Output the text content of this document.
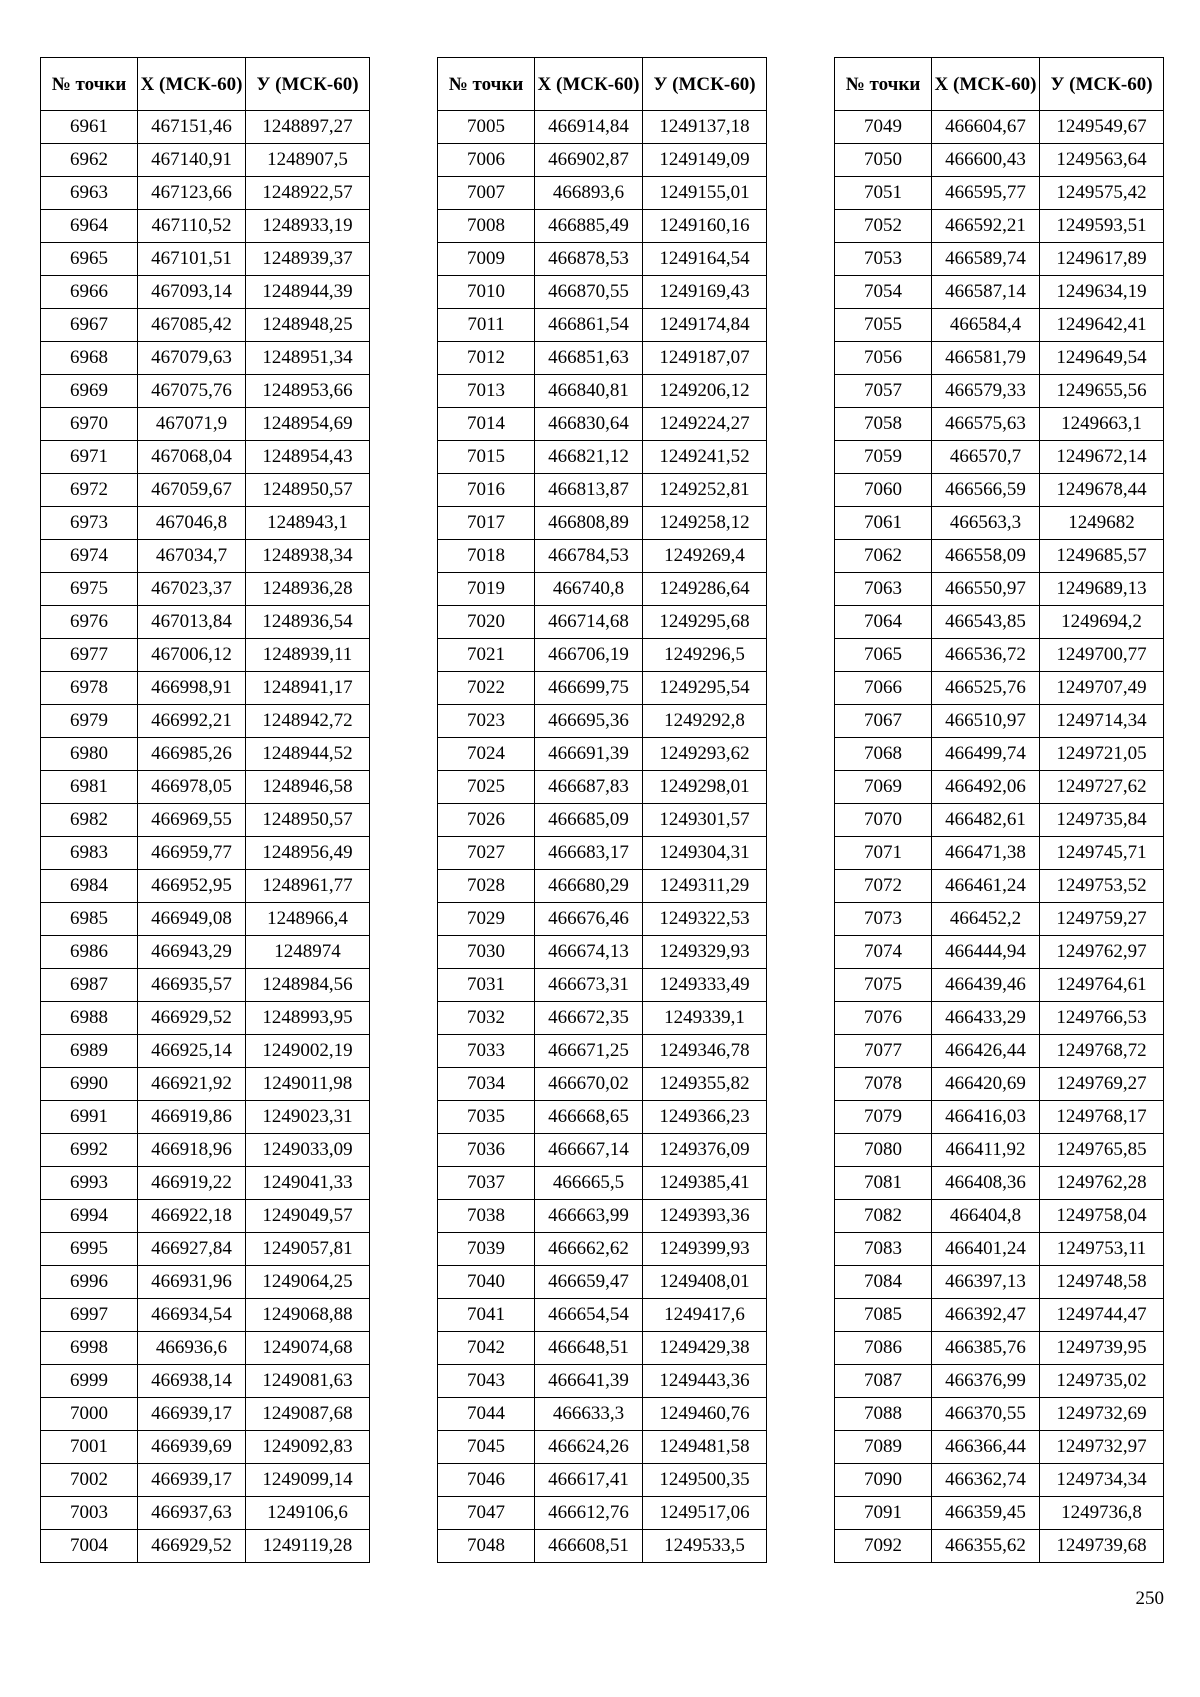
№ точки	X (МСК-60)	У (МСК-60)
6961	467151,46	1248897,27
6962	467140,91	1248907,5
6963	467123,66	1248922,57
6964	467110,52	1248933,19
6965	467101,51	1248939,37
6966	467093,14	1248944,39
6967	467085,42	1248948,25
6968	467079,63	1248951,34
6969	467075,76	1248953,66
6970	467071,9	1248954,69
6971	467068,04	1248954,43
6972	467059,67	1248950,57
6973	467046,8	1248943,1
6974	467034,7	1248938,34
6975	467023,37	1248936,28
6976	467013,84	1248936,54
6977	467006,12	1248939,11
6978	466998,91	1248941,17
6979	466992,21	1248942,72
6980	466985,26	1248944,52
6981	466978,05	1248946,58
6982	466969,55	1248950,57
6983	466959,77	1248956,49
6984	466952,95	1248961,77
6985	466949,08	1248966,4
6986	466943,29	1248974
6987	466935,57	1248984,56
6988	466929,52	1248993,95
6989	466925,14	1249002,19
6990	466921,92	1249011,98
6991	466919,86	1249023,31
6992	466918,96	1249033,09
6993	466919,22	1249041,33
6994	466922,18	1249049,57
6995	466927,84	1249057,81
6996	466931,96	1249064,25
6997	466934,54	1249068,88
6998	466936,6	1249074,68
6999	466938,14	1249081,63
7000	466939,17	1249087,68
7001	466939,69	1249092,83
7002	466939,17	1249099,14
7003	466937,63	1249106,6
7004	466929,52	1249119,28
№ точки	X (МСК-60)	У (МСК-60)
7005	466914,84	1249137,18
7006	466902,87	1249149,09
7007	466893,6	1249155,01
7008	466885,49	1249160,16
7009	466878,53	1249164,54
7010	466870,55	1249169,43
7011	466861,54	1249174,84
7012	466851,63	1249187,07
7013	466840,81	1249206,12
7014	466830,64	1249224,27
7015	466821,12	1249241,52
7016	466813,87	1249252,81
7017	466808,89	1249258,12
7018	466784,53	1249269,4
7019	466740,8	1249286,64
7020	466714,68	1249295,68
7021	466706,19	1249296,5
7022	466699,75	1249295,54
7023	466695,36	1249292,8
7024	466691,39	1249293,62
7025	466687,83	1249298,01
7026	466685,09	1249301,57
7027	466683,17	1249304,31
7028	466680,29	1249311,29
7029	466676,46	1249322,53
7030	466674,13	1249329,93
7031	466673,31	1249333,49
7032	466672,35	1249339,1
7033	466671,25	1249346,78
7034	466670,02	1249355,82
7035	466668,65	1249366,23
7036	466667,14	1249376,09
7037	466665,5	1249385,41
7038	466663,99	1249393,36
7039	466662,62	1249399,93
7040	466659,47	1249408,01
7041	466654,54	1249417,6
7042	466648,51	1249429,38
7043	466641,39	1249443,36
7044	466633,3	1249460,76
7045	466624,26	1249481,58
7046	466617,41	1249500,35
7047	466612,76	1249517,06
7048	466608,51	1249533,5
№ точки	X (МСК-60)	У (МСК-60)
7049	466604,67	1249549,67
7050	466600,43	1249563,64
7051	466595,77	1249575,42
7052	466592,21	1249593,51
7053	466589,74	1249617,89
7054	466587,14	1249634,19
7055	466584,4	1249642,41
7056	466581,79	1249649,54
7057	466579,33	1249655,56
7058	466575,63	1249663,1
7059	466570,7	1249672,14
7060	466566,59	1249678,44
7061	466563,3	1249682
7062	466558,09	1249685,57
7063	466550,97	1249689,13
7064	466543,85	1249694,2
7065	466536,72	1249700,77
7066	466525,76	1249707,49
7067	466510,97	1249714,34
7068	466499,74	1249721,05
7069	466492,06	1249727,62
7070	466482,61	1249735,84
7071	466471,38	1249745,71
7072	466461,24	1249753,52
7073	466452,2	1249759,27
7074	466444,94	1249762,97
7075	466439,46	1249764,61
7076	466433,29	1249766,53
7077	466426,44	1249768,72
7078	466420,69	1249769,27
7079	466416,03	1249768,17
7080	466411,92	1249765,85
7081	466408,36	1249762,28
7082	466404,8	1249758,04
7083	466401,24	1249753,11
7084	466397,13	1249748,58
7085	466392,47	1249744,47
7086	466385,76	1249739,95
7087	466376,99	1249735,02
7088	466370,55	1249732,69
7089	466366,44	1249732,97
7090	466362,74	1249734,34
7091	466359,45	1249736,8
7092	466355,62	1249739,68
250
